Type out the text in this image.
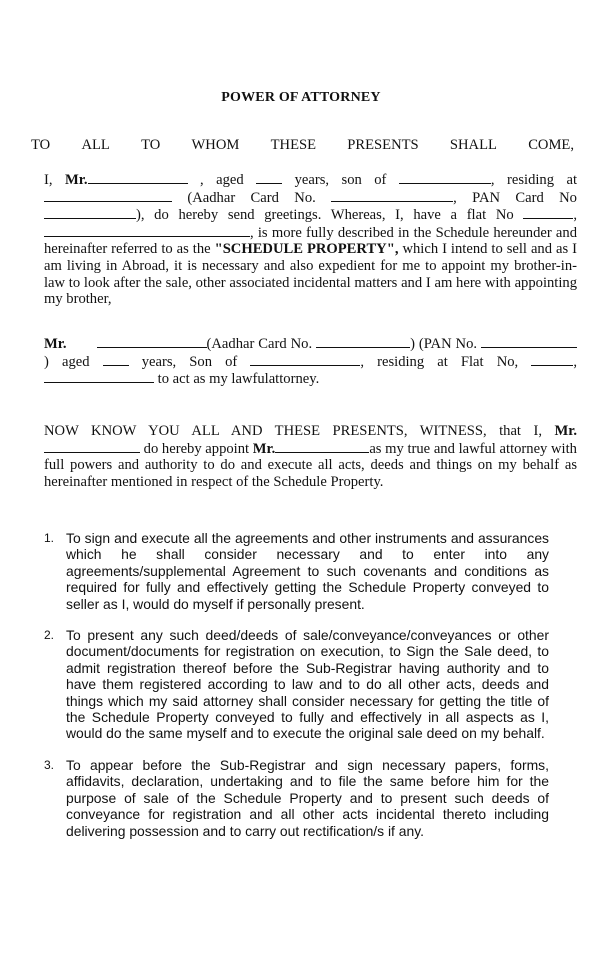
POWER OF ATTORNEY
TO ALL TO WHOM THESE PRESENTS SHALL COME,

I, Mr.	, aged	years, son of	, residing at  (Aadhar Card No.	, PAN Card No ), do hereby send greetings. Whereas, I, have a flat No	, , is more fully described in the Schedule hereunder and hereinafter referred to as the "SCHEDULE PROPERTY", which I intend to sell and as I am living in Abroad, it is necessary and also expedient for me to appoint my brother-in-law to look after the sale, other associated incidental matters and I am here with appointing my brother,

Mr.	(Aadhar Card No.	) (PAN No. ) aged	years, Son of	, residing at Flat No,	,  to act as my lawfulattorney.

NOW KNOW YOU ALL AND THESE PRESENTS, WITNESS, that I, Mr.  do hereby appoint Mr.	as my true and lawful attorney with full powers and authority to do and execute all acts, deeds and things on my behalf as hereinafter mentioned in respect of the Schedule Property.

1. To sign and execute all the agreements and other instruments and assurances which he shall consider necessary and to enter into any agreements/supplemental Agreement to such covenants and conditions as required for fully and effectively getting the Schedule Property conveyed to seller as I, would do myself if personally present.
2. To present any such deed/deeds of sale/conveyance/conveyances or other document/documents for registration on execution, to Sign the Sale deed, to admit registration thereof before the Sub-Registrar having authority and to have them registered according to law and to do all other acts, deeds and things which my said attorney shall consider necessary for getting the title of the Schedule Property conveyed to fully and effectively in all aspects as I, would do the same myself and to execute the original sale deed on my behalf.
3. To appear before the Sub-Registrar and sign necessary papers, forms, affidavits, declaration, undertaking and to file the same before him for the purpose of sale of the Schedule Property and to present such deeds of conveyance for registration and all other acts incidental thereto including delivering possession and to carry out rectification/s if any.
